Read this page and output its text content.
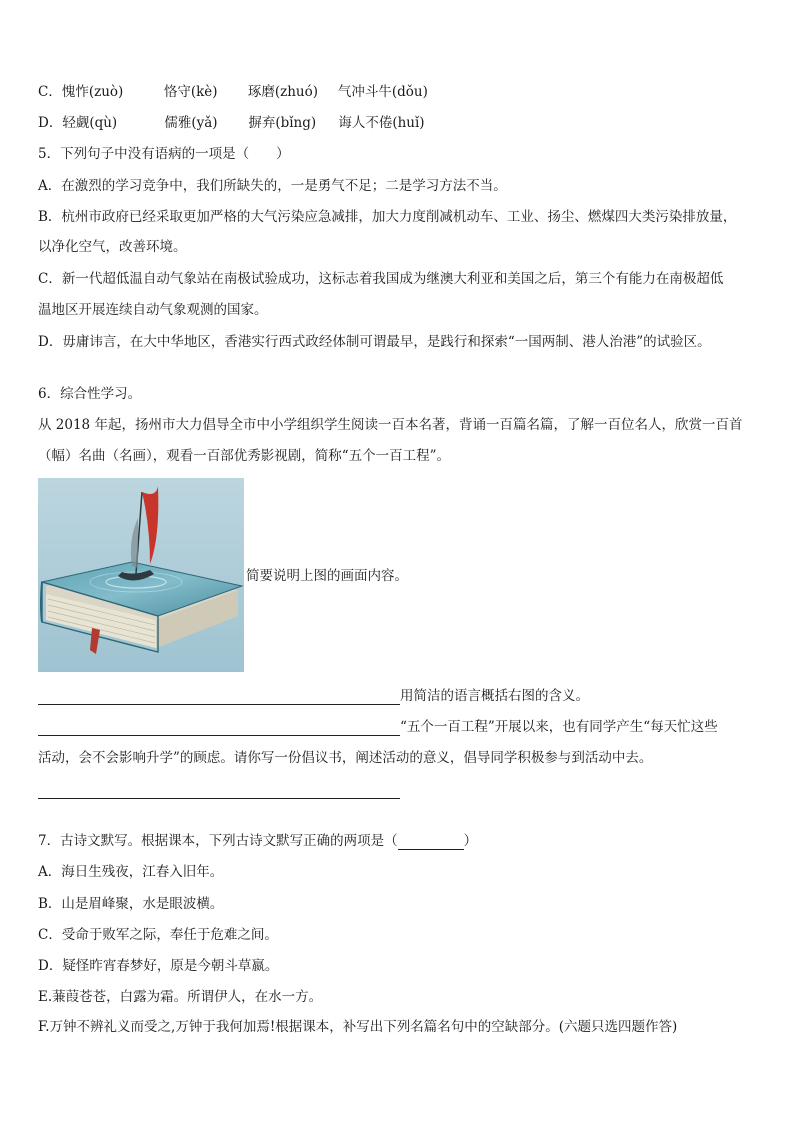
C． 愧怍(zuò)	恪守(kè)	琢磨(zhuó)	气冲斗牛(dǒu)
D． 轻觑(qù)	儒雅(yǎ)	摒弃(bǐng)	诲人不倦(huǐ)
5．下列句子中没有语病的一项是（　　）
A．在激烈的学习竞争中，我们所缺失的，一是勇气不足；二是学习方法不当。
B．杭州市政府已经采取更加严格的大气污染应急减排，加大力度削减机动车、工业、扬尘、燃煤四大类污染排放量，
以净化空气，改善环境。
C．新一代超低温自动气象站在南极试验成功，这标志着我国成为继澳大利亚和美国之后，第三个有能力在南极超低
温地区开展连续自动气象观测的国家。
D．毋庸讳言，在大中华地区，香港实行西式政经体制可谓最早，是践行和探索“一国两制、港人治港”的试验区。
6．综合性学习。
从 2018 年起，扬州市大力倡导全市中小学组织学生阅读一百本名著，背诵一百篇名篇，了解一百位名人，欣赏一百首
（幅）名曲（名画），观看一百部优秀影视剧，简称“五个一百工程”。
简要说明上图的画面内容。
用简洁的语言概括右图的含义。
“五个一百工程”开展以来，也有同学产生“每天忙这些
活动，会不会影响升学”的顾虑。请你写一份倡议书，阐述活动的意义，倡导同学积极参与到活动中去。
7．古诗文默写。根据课本，下列古诗文默写正确的两项是（	）
A．海日生残夜，江春入旧年。
B．山是眉峰聚，水是眼波横。
C．受命于败军之际，奉任于危难之间。
D．疑怪昨宵春梦好，原是今朝斗草嬴。
E.蒹葭苍苍，白露为霜。所谓伊人，在水一方。
F.万钟不辨礼义而受之,万钟于我何加焉!根据课本，补写出下列名篇名句中的空缺部分。(六题只选四题作答)
